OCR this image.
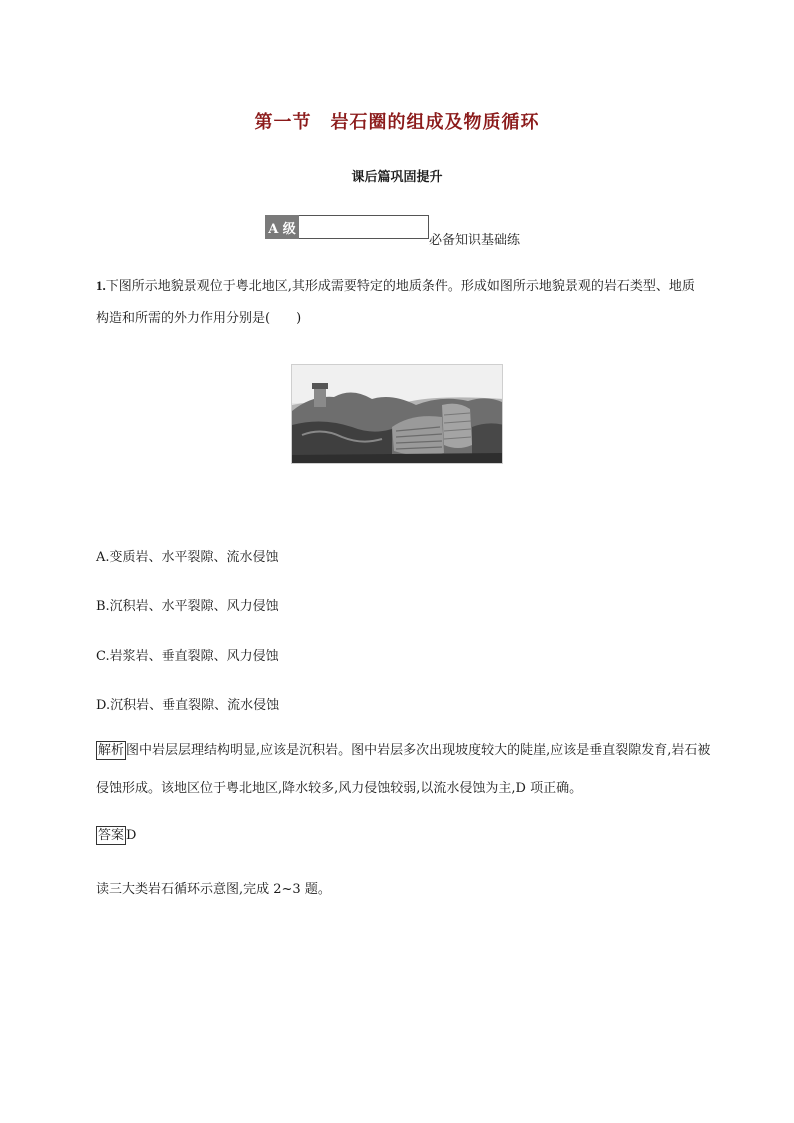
第一节　岩石圈的组成及物质循环
课后篇巩固提升
A 级
必备知识基础练
1.下图所示地貌景观位于粤北地区,其形成需要特定的地质条件。形成如图所示地貌景观的岩石类型、地质构造和所需的外力作用分别是(　　)
A.变质岩、水平裂隙、流水侵蚀
B.沉积岩、水平裂隙、风力侵蚀
C.岩浆岩、垂直裂隙、风力侵蚀
D.沉积岩、垂直裂隙、流水侵蚀
解析 图中岩层层理结构明显,应该是沉积岩。图中岩层多次出现坡度较大的陡崖,应该是垂直裂隙发育,岩石被侵蚀形成。该地区位于粤北地区,降水较多,风力侵蚀较弱,以流水侵蚀为主,D 项正确。
答案 D
读三大类岩石循环示意图,完成 2~3 题。
